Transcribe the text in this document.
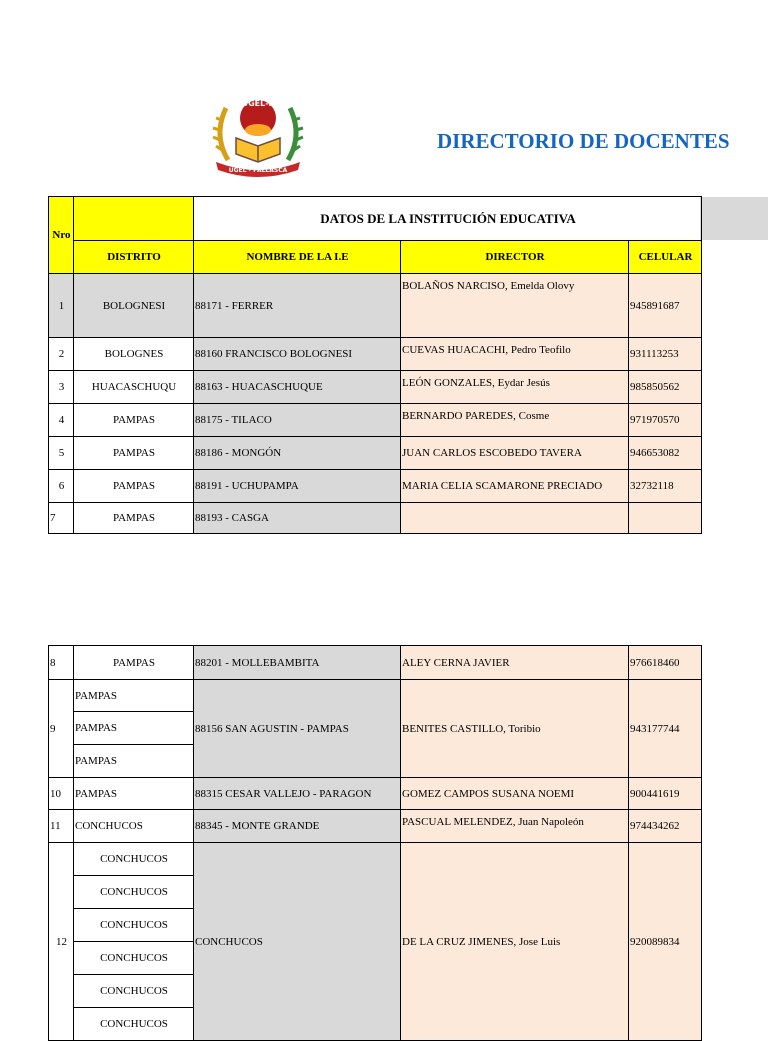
UGEL-P
UGEL - PALLASCA
DIRECTORIO DE DOCENTES
Nro		DATOS DE LA INSTITUCIÓN EDUCATIVA		
	DISTRITO	NOMBRE DE LA I.E	DIRECTOR	CELULAR
1	BOLOGNESI	88171 - FERRER	BOLAÑOS NARCISO, Emelda Olovy	945891687
2	BOLOGNES	88160 FRANCISCO BOLOGNESI	CUEVAS HUACACHI, Pedro Teofilo	931113253
3	HUACASCHUQU	88163 - HUACASCHUQUE	LEÓN GONZALES, Eydar Jesús	985850562
4	PAMPAS	88175 - TILACO	BERNARDO PAREDES, Cosme	971970570
5	PAMPAS	88186 - MONGÓN	JUAN CARLOS ESCOBEDO TAVERA	946653082
6	PAMPAS	88191 - UCHUPAMPA	MARIA CELIA SCAMARONE PRECIADO	32732118
7	PAMPAS	88193 - CASGA		
8	PAMPAS	88201 - MOLLEBAMBITA	ALEY CERNA JAVIER	976618460
9	PAMPAS	88156 SAN AGUSTIN - PAMPAS	BENITES CASTILLO, Toribio	943177744
	PAMPAS			
	PAMPAS			
10	PAMPAS	88315 CESAR VALLEJO - PARAGON	GOMEZ CAMPOS SUSANA NOEMI	900441619
11	CONCHUCOS	88345 - MONTE GRANDE	PASCUAL MELENDEZ, Juan Napoleón	974434262
12	CONCHUCOS	CONCHUCOS	DE LA CRUZ JIMENES, Jose Luis	920089834
	CONCHUCOS			
	CONCHUCOS			
	CONCHUCOS			
	CONCHUCOS			
	CONCHUCOS			
